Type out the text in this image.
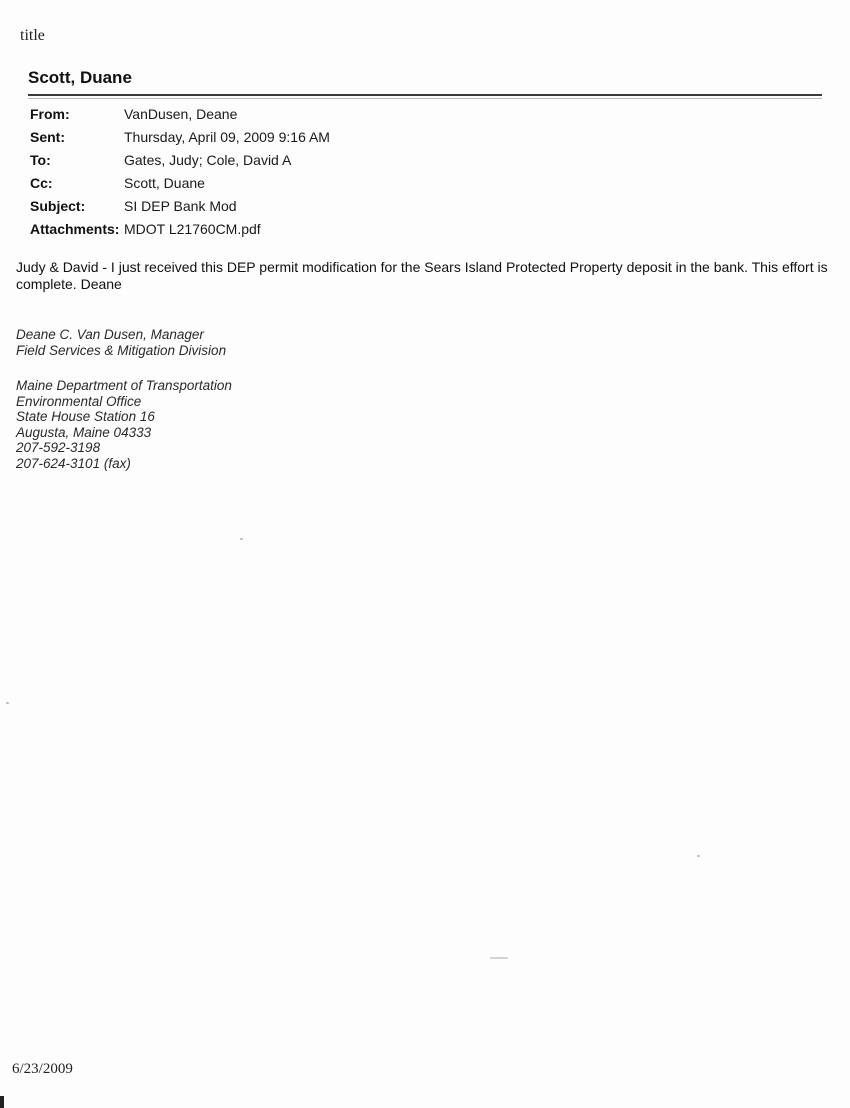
title
Scott, Duane
From:	VanDusen, Deane
Sent:	Thursday, April 09, 2009 9:16 AM
To:	Gates, Judy; Cole, David A
Cc:	Scott, Duane
Subject:	SI DEP Bank Mod
Attachments: MDOT L21760CM.pdf
Judy & David - I just received this DEP permit modification for the Sears Island Protected Property deposit in the bank. This effort is complete. Deane
Deane C. Van Dusen, Manager
Field Services & Mitigation Division
Maine Department of Transportation
Environmental Office
State House Station 16
Augusta, Maine 04333
207-592-3198
207-624-3101 (fax)
6/23/2009
